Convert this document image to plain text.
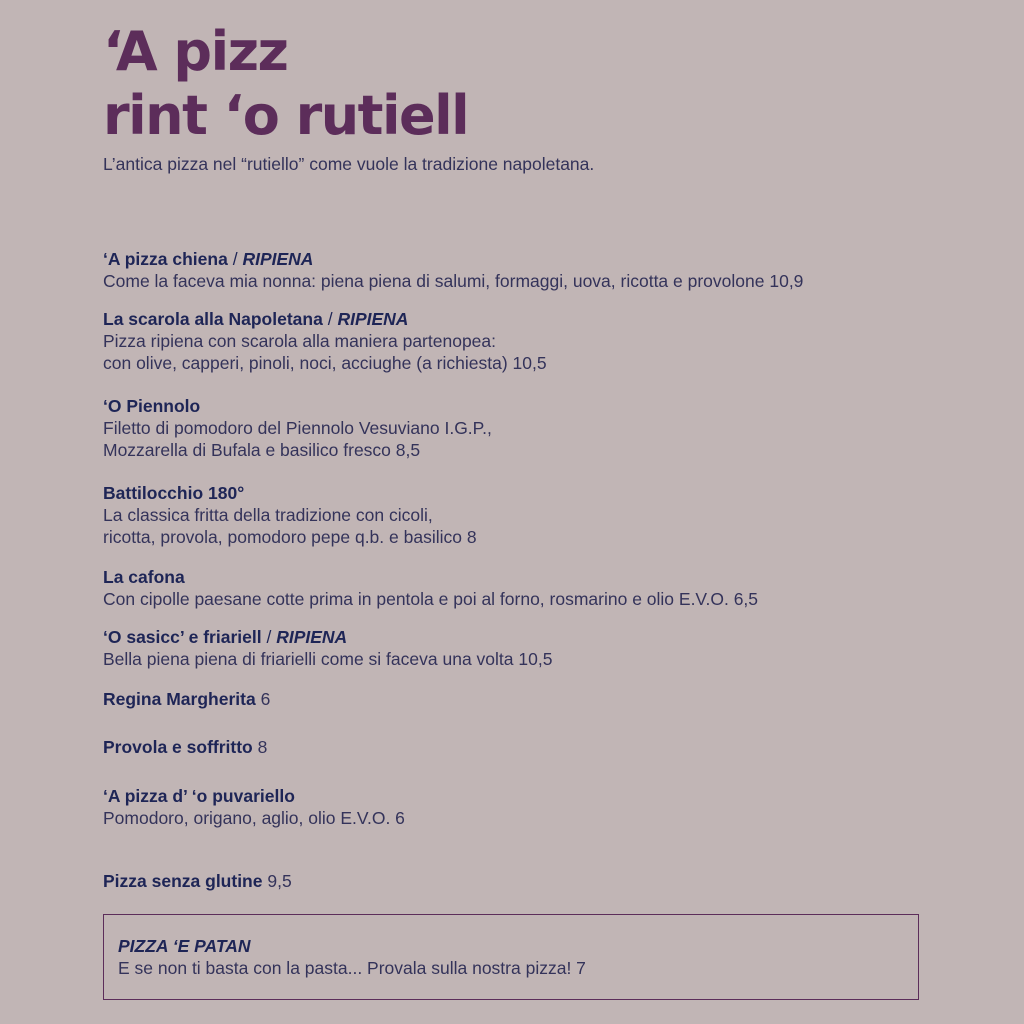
‘A pizz
rint ‘o rutiell

L’antica pizza nel “rutiello” come vuole la tradizione napoletana.

‘A pizza chiena / RIPIENA
Come la faceva mia nonna: piena piena di salumi, formaggi, uova, ricotta e provolone 10,9
La scarola alla Napoletana / RIPIENA
Pizza ripiena con scarola alla maniera partenopea:
con olive, capperi, pinoli, noci, acciughe (a richiesta) 10,5
‘O Piennolo
Filetto di pomodoro del Piennolo Vesuviano I.G.P.,
Mozzarella di Bufala e basilico fresco 8,5
Battilocchio 180°
La classica fritta della tradizione con cicoli,
ricotta, provola, pomodoro pepe q.b. e basilico 8
La cafona
Con cipolle paesane cotte prima in pentola e poi al forno, rosmarino e olio E.V.O. 6,5
‘O sasicc’ e friariell / RIPIENA
Bella piena piena di friarielli come si faceva una volta 10,5
Regina Margherita 6
Provola e soffritto 8
‘A pizza d’ ‘o puvariello
Pomodoro, origano, aglio, olio E.V.O. 6
Pizza senza glutine 9,5
PIZZA ‘E PATAN
E se non ti basta con la pasta... Provala sulla nostra pizza! 7
